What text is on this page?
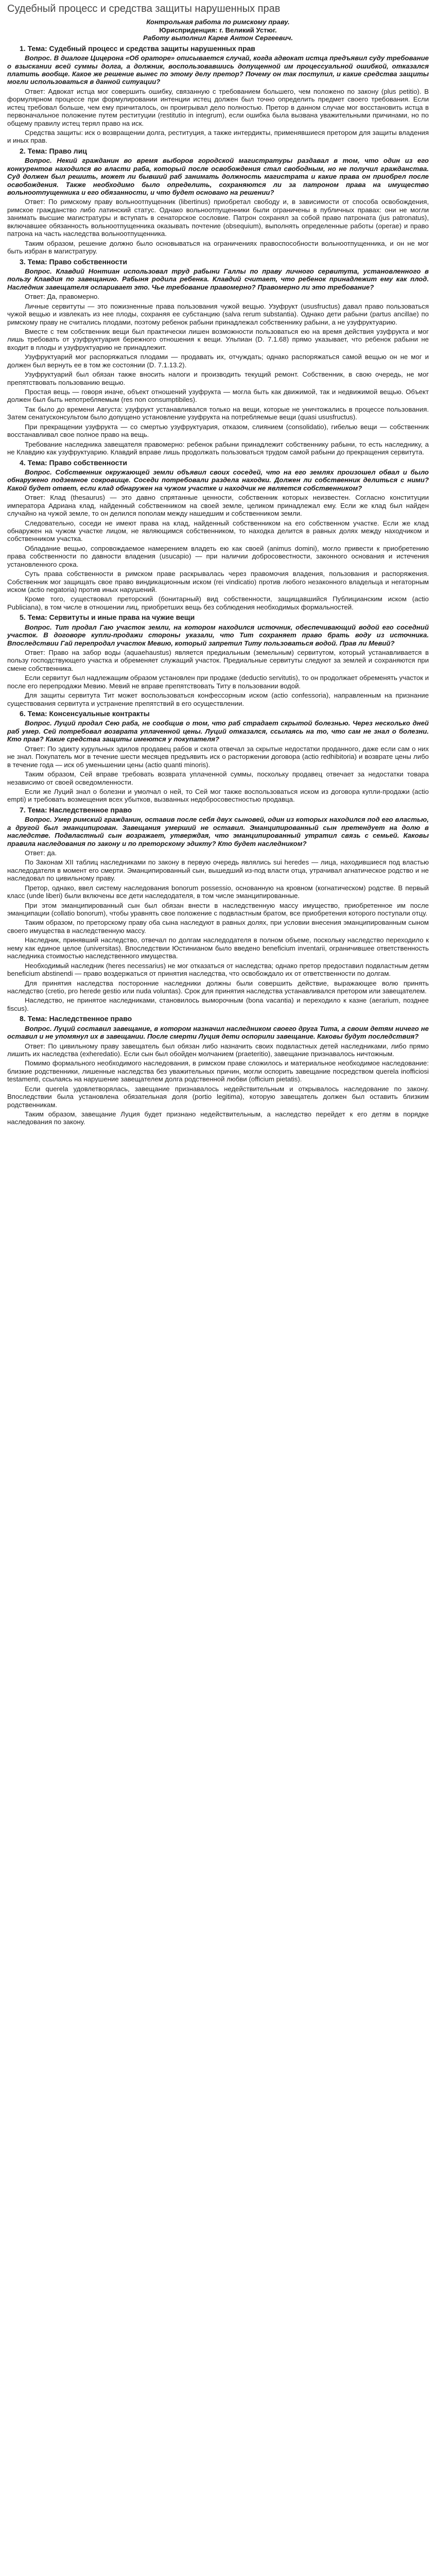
Судебный процесс и средства защиты нарушенных прав

Контрольная работа по римскому праву.

Юрисприденция: г. Великий Устюг.

Работу выполнил Карев Антон Сергеевич.

1. Тема: Судебный процесс и средства защиты нарушенных прав

Вопрос. В диалоге Цицерона «Об ораторе» описывается случай, когда адвокат истца предъявил суду требование о взыскании всей суммы долга, а должник, воспользовавшись допущенной им процессуальной ошибкой, отказался платить вообще. Какое же решение вынес по этому делу претор? Почему он так поступил, и какие средства защиты могли использоваться в данной ситуации?

Ответ: Адвокат истца мог совершить ошибку, связанную с требованием большего, чем положено по закону (plus petitio). В формулярном процессе при формулировании интенции истец должен был точно определить предмет своего требования. Если истец требовал больше, чем ему причиталось, он проигрывал дело полностью. Претор в данном случае мог восстановить истца в первоначальное положение путем реституции (restitutio in integrum), если ошибка была вызвана уважительными причинами, но по общему правилу истец терял право на иск.

Средства защиты: иск о возвращении долга, реституция, а также интердикты, применявшиеся претором для защиты владения и иных прав.

2. Тема: Право лиц

Вопрос. Некий гражданин во время выборов городской магистратуры раздавал в том, что один из его конкурентов находился во власти раба, который после освобождения стал свободным, но не получил гражданства. Суд должен был решить, может ли бывший раб занимать должность магистрата и какие права он приобрел после освобождения. Также необходимо было определить, сохраняются ли за патроном права на имущество вольноотпущенника и его обязанности, и что будет основано на решении?

Ответ: По римскому праву вольноотпущенник (libertinus) приобретал свободу и, в зависимости от способа освобождения, римское гражданство либо латинский статус. Однако вольноотпущенники были ограничены в публичных правах: они не могли занимать высшие магистратуры и вступать в сенаторское сословие. Патрон сохранял за собой право патроната (jus patronatus), включавшее обязанность вольноотпущенника оказывать почтение (obsequium), выполнять определенные работы (operae) и право патрона на часть наследства вольноотпущенника.

Таким образом, решение должно было основываться на ограничениях правоспособности вольноотпущенника, и он не мог быть избран в магистратуру.

3. Тема: Право собственности

Вопрос. Клавдий Нонтиан использовал труд рабыни Галлы по праву личного сервитута, установленного в пользу Клавдия по завещанию. Рабыня родила ребенка. Клавдий считает, что ребенок принадлежит ему как плод. Наследник завещателя оспаривает это. Чье требование правомерно? Правомерно ли это требование?

Ответ: Да, правомерно.

Личные сервитуты — это пожизненные права пользования чужой вещью. Узуфрукт (ususfructus) давал право пользоваться чужой вещью и извлекать из нее плоды, сохраняя ее субстанцию (salva rerum substantia). Однако дети рабыни (partus ancillae) по римскому праву не считались плодами, поэтому ребенок рабыни принадлежал собственнику рабыни, а не узуфруктуарию.

Вместе с тем собственник вещи был практически лишен возможности пользоваться ею на время действия узуфрукта и мог лишь требовать от узуфруктуария бережного отношения к вещи. Ульпиан (D. 7.1.68) прямо указывает, что ребенок рабыни не входит в плоды и узуфруктуарию не принадлежит.

Узуфруктуарий мог распоряжаться плодами — продавать их, отчуждать; однако распоряжаться самой вещью он не мог и должен был вернуть ее в том же состоянии (D. 7.1.13.2).

Узуфруктуарий был обязан также вносить налоги и производить текущий ремонт. Собственник, в свою очередь, не мог препятствовать пользованию вещью.

Простая вещь — говоря иначе, объект отношений узуфрукта — могла быть как движимой, так и недвижимой вещью. Объект должен был быть непотребляемым (res non consumptibiles).

Так было до времени Августа: узуфрукт устанавливался только на вещи, которые не уничтожались в процессе пользования. Затем сенатусконсультом было допущено установление узуфрукта на потребляемые вещи (quasi ususfructus).

При прекращении узуфрукта — со смертью узуфруктуария, отказом, слиянием (consolidatio), гибелью вещи — собственник восстанавливал свое полное право на вещь.

Требование наследника завещателя правомерно: ребенок рабыни принадлежит собственнику рабыни, то есть наследнику, а не Клавдию как узуфруктуарию. Клавдий вправе лишь продолжать пользоваться трудом самой рабыни до прекращения сервитута.

4. Тема: Право собственности

Вопрос. Собственник окружающей земли объявил своих соседей, что на его землях произошел обвал и было обнаружено подземное сокровище. Соседи потребовали раздела находки. Должен ли собственник делиться с ними? Какой будет ответ, если клад обнаружен на чужом участке и находчик не является собственником?

Ответ: Клад (thesaurus) — это давно спрятанные ценности, собственник которых неизвестен. Согласно конституции императора Адриана клад, найденный собственником на своей земле, целиком принадлежал ему. Если же клад был найден случайно на чужой земле, то он делился пополам между нашедшим и собственником земли.

Следовательно, соседи не имеют права на клад, найденный собственником на его собственном участке. Если же клад обнаружен на чужом участке лицом, не являющимся собственником, то находка делится в равных долях между находчиком и собственником участка.

Обладание вещью, сопровождаемое намерением владеть ею как своей (animus domini), могло привести к приобретению права собственности по давности владения (usucapio) — при наличии добросовестности, законного основания и истечения установленного срока.

Суть права собственности в римском праве раскрывалась через правомочия владения, пользования и распоряжения. Собственник мог защищать свое право виндикационным иском (rei vindicatio) против любого незаконного владельца и негаторным иском (actio negatoria) против иных нарушений.

Кроме того, существовал преторский (бонитарный) вид собственности, защищавшийся Публицианским иском (actio Publiciana), в том числе в отношении лиц, приобретших вещь без соблюдения необходимых формальностей.

5. Тема: Сервитуты и иные права на чужие вещи

Вопрос. Тит продал Гаю участок земли, на котором находился источник, обеспечивающий водой его соседний участок. В договоре купли-продажи стороны указали, что Тит сохраняет право брать воду из источника. Впоследствии Гай перепродал участок Мевию, который запретил Титу пользоваться водой. Прав ли Мевий?

Ответ: Право на забор воды (aquaehaustus) является предиальным (земельным) сервитутом, который устанавливается в пользу господствующего участка и обременяет служащий участок. Предиальные сервитуты следуют за землей и сохраняются при смене собственника.

Если сервитут был надлежащим образом установлен при продаже (deductio servitutis), то он продолжает обременять участок и после его перепродажи Мевию. Мевий не вправе препятствовать Титу в пользовании водой.

Для защиты сервитута Тит может воспользоваться конфессорным иском (actio confessoria), направленным на признание существования сервитута и устранение препятствий в его осуществлении.

6. Тема: Консенсуальные контракты

Вопрос. Луций продал Сею раба, не сообщив о том, что раб страдает скрытой болезнью. Через несколько дней раб умер. Сей потребовал возврата уплаченной цены. Луций отказался, ссылаясь на то, что сам не знал о болезни. Кто прав? Какие средства защиты имеются у покупателя?

Ответ: По эдикту курульных эдилов продавец рабов и скота отвечал за скрытые недостатки проданного, даже если сам о них не знал. Покупатель мог в течение шести месяцев предъявить иск о расторжении договора (actio redhibitoria) и возврате цены либо в течение года — иск об уменьшении цены (actio quanti minoris).

Таким образом, Сей вправе требовать возврата уплаченной суммы, поскольку продавец отвечает за недостатки товара независимо от своей осведомленности.

Если же Луций знал о болезни и умолчал о ней, то Сей мог также воспользоваться иском из договора купли-продажи (actio empti) и требовать возмещения всех убытков, вызванных недобросовестностью продавца.

7. Тема: Наследственное право

Вопрос. Умер римский гражданин, оставив после себя двух сыновей, один из которых находился под его властью, а другой был эманципирован. Завещания умерший не оставил. Эманципированный сын претендует на долю в наследстве. Подвластный сын возражает, утверждая, что эманципированный утратил связь с семьей. Каковы правила наследования по закону и по преторскому эдикту? Кто будет наследником?

Ответ: да.

По Законам XII таблиц наследниками по закону в первую очередь являлись sui heredes — лица, находившиеся под властью наследодателя в момент его смерти. Эманципированный сын, вышедший из-под власти отца, утрачивал агнатическое родство и не наследовал по цивильному праву.

Претор, однако, ввел систему наследования bonorum possessio, основанную на кровном (когнатическом) родстве. В первый класс (unde liberi) были включены все дети наследодателя, в том числе эманципированные.

При этом эманципированный сын был обязан внести в наследственную массу имущество, приобретенное им после эманципации (collatio bonorum), чтобы уравнять свое положение с подвластным братом, все приобретения которого поступали отцу.

Таким образом, по преторскому праву оба сына наследуют в равных долях, при условии внесения эманципированным сыном своего имущества в наследственную массу.

Наследник, принявший наследство, отвечал по долгам наследодателя в полном объеме, поскольку наследство переходило к нему как единое целое (universitas). Впоследствии Юстинианом было введено beneficium inventarii, ограничившее ответственность наследника стоимостью наследственного имущества.

Необходимый наследник (heres necessarius) не мог отказаться от наследства; однако претор предоставил подвластным детям beneficium abstinendi — право воздержаться от принятия наследства, что освобождало их от ответственности по долгам.

Для принятия наследства посторонние наследники должны были совершить действие, выражающее волю принять наследство (cretio, pro herede gestio или nuda voluntas). Срок для принятия наследства устанавливался претором или завещателем.

Наследство, не принятое наследниками, становилось выморочным (bona vacantia) и переходило к казне (aerarium, позднее fiscus).

8. Тема: Наследственное право

Вопрос. Луций составил завещание, в котором назначил наследником своего друга Тита, а своим детям ничего не оставил и не упомянул их в завещании. После смерти Луция дети оспорили завещание. Каковы будут последствия?

Ответ: По цивильному праву завещатель был обязан либо назначить своих подвластных детей наследниками, либо прямо лишить их наследства (exheredatio). Если сын был обойден молчанием (praeteritio), завещание признавалось ничтожным.

Помимо формального необходимого наследования, в римском праве сложилось и материальное необходимое наследование: близкие родственники, лишенные наследства без уважительных причин, могли оспорить завещание посредством querela inofficiosi testamenti, ссылаясь на нарушение завещателем долга родственной любви (officium pietatis).

Если querela удовлетворялась, завещание признавалось недействительным и открывалось наследование по закону. Впоследствии была установлена обязательная доля (portio legitima), которую завещатель должен был оставить близким родственникам.

Таким образом, завещание Луция будет признано недействительным, а наследство перейдет к его детям в порядке наследования по закону.
